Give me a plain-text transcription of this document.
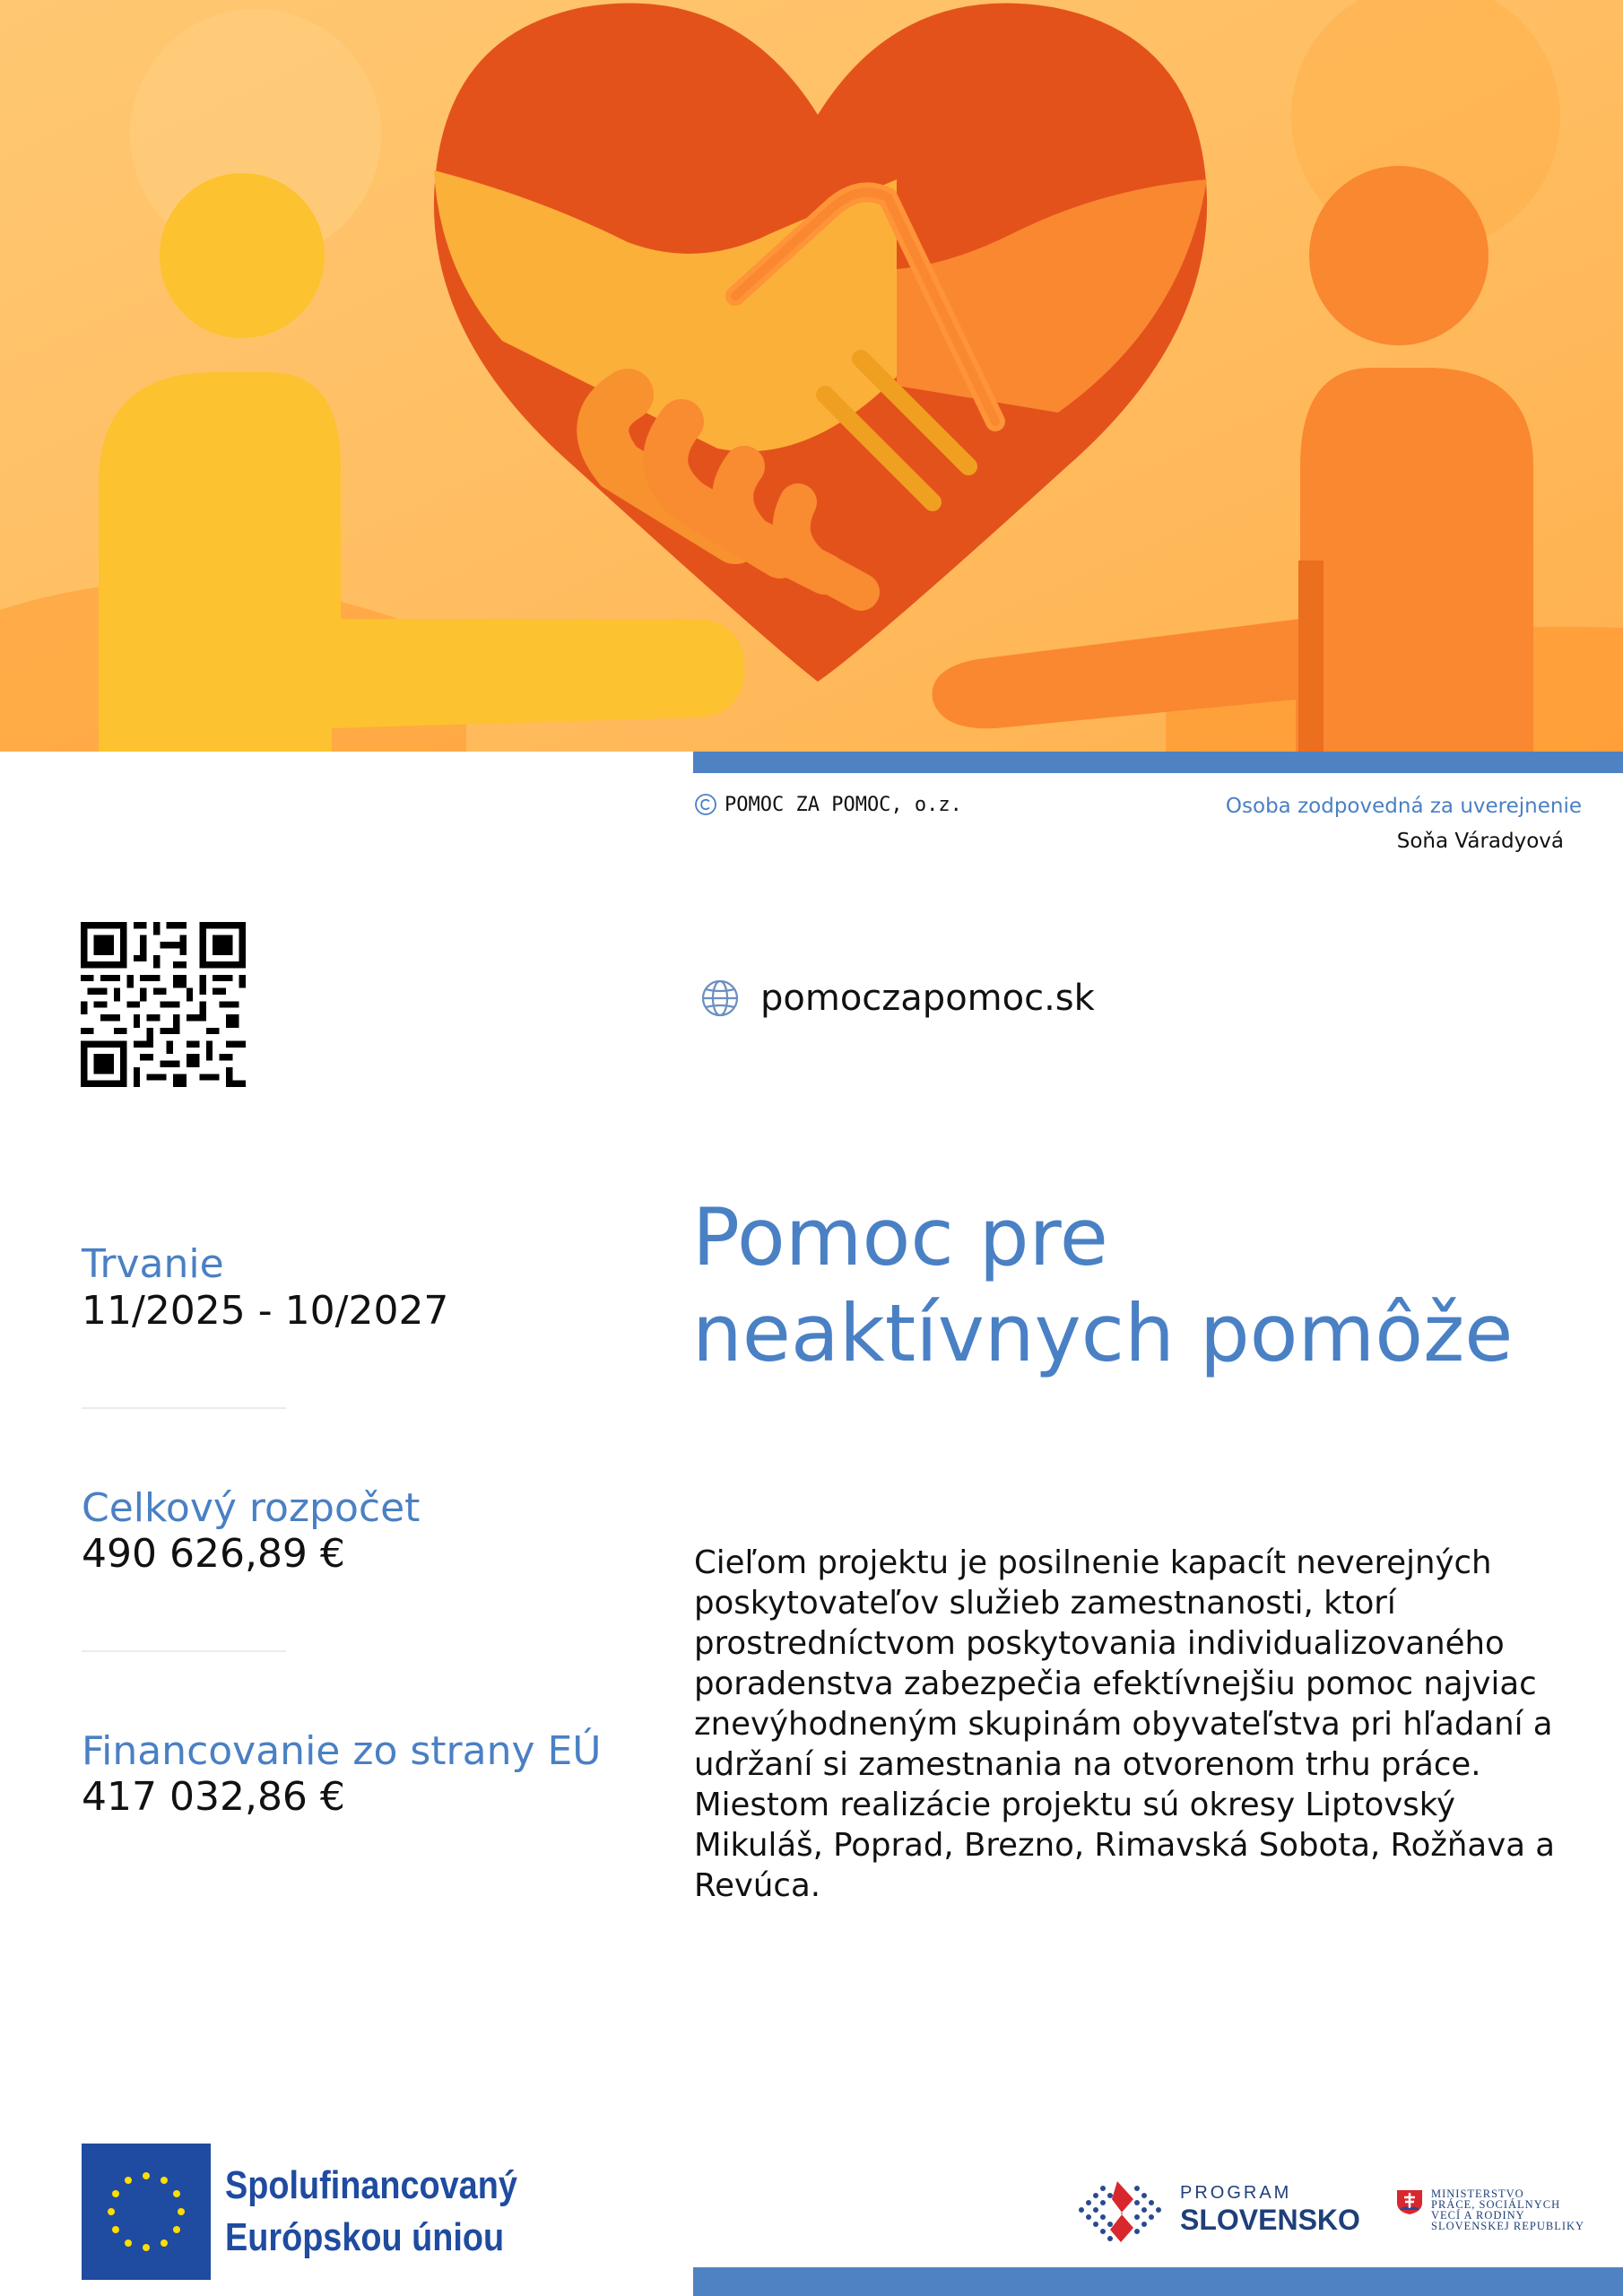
POMOC ZA POMOC, o.z.	Osoba zodpovedná za uverejnenie
Soňa Váradyová
pomoczapomoc.sk
Trvanie
11/2025 - 10/2027
Celkový rozpočet
490 626,89 €
Financovanie zo strany EÚ
417 032,86 €
Pomoc pre
neaktívnych pomôže

Cieľom projektu je posilnenie kapacít neverejných poskytovateľov služieb zamestnanosti, ktorí prostredníctvom poskytovania individualizovaného poradenstva zabezpečia efektívnejšiu pomoc najviac znevýhodneným skupinám obyvateľstva pri hľadaní a udržaní si zamestnania na otvorenom trhu práce. Miestom realizácie projektu sú okresy Liptovský Mikuláš, Poprad, Brezno, Rimavská Sobota, Rožňava a Revúca.

Spolufinancovaný
Európskou úniou
PROGRAM
SLOVENSKO
MINISTERSTVO
PRÁCE, SOCIÁLNYCH
VECÍ A RODINY
SLOVENSKEJ REPUBLIKY
